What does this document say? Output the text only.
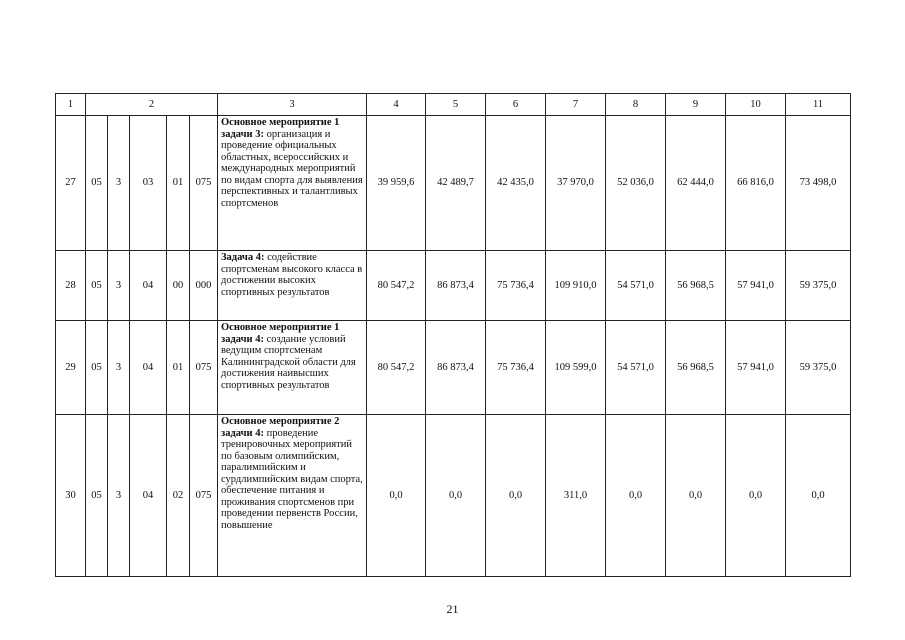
1	2					3	4	5	6	7	8	9	10	11
27	05	3	03	01	075	Основное мероприятие 1 задачи 3: организация и проведение официальных областных, всероссийских и международных мероприятий по видам спорта для выявления перспективных и талантливых спортсменов	39 959,6	42 489,7	42 435,0	37 970,0	52 036,0	62 444,0	66 816,0	73 498,0
28	05	3	04	00	000	Задача 4: содействие спортсменам высокого класса в достижении высоких спортивных результатов	80 547,2	86 873,4	75 736,4	109 910,0	54 571,0	56 968,5	57 941,0	59 375,0
29	05	3	04	01	075	Основное мероприятие 1 задачи 4: создание условий ведущим спортсменам Калининградской области для достижения наивысших спортивных результатов	80 547,2	86 873,4	75 736,4	109 599,0	54 571,0	56 968,5	57 941,0	59 375,0
30	05	3	04	02	075	Основное мероприятие 2 задачи 4: проведение тренировочных мероприятий по базовым олимпийским, паралимпийским и сурдлимпийским видам спорта, обеспечение питания и проживания спортсменов при проведении первенств России, повышение	0,0	0,0	0,0	311,0	0,0	0,0	0,0	0,0
21
